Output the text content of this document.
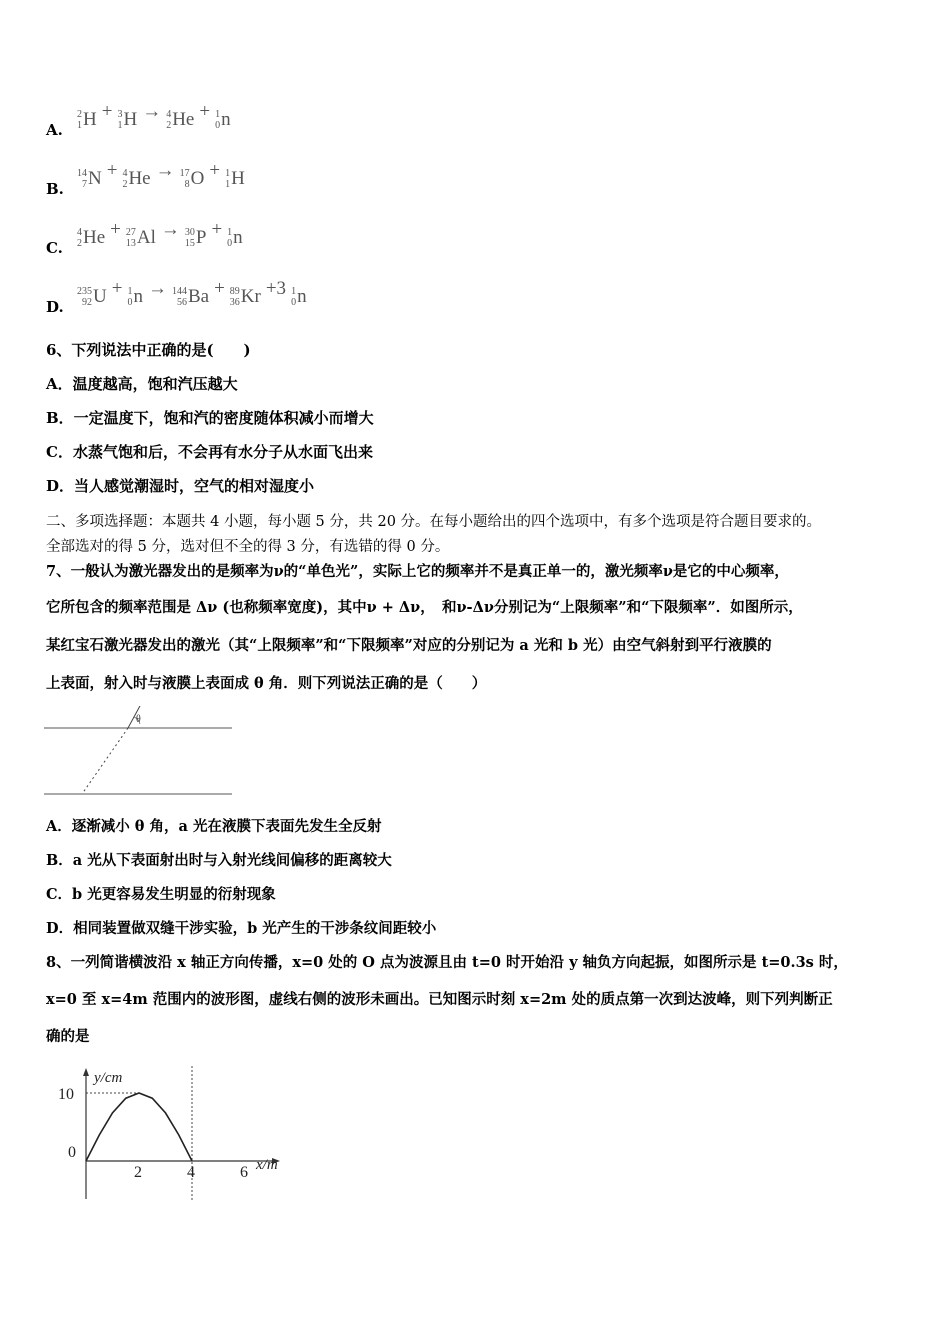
A.
2
1 H + 3
1 H → 4
2 He + 1
0 n
B.
14
7 N + 4
2 He → 17
8 O + 1
1 H
C.
4
2 He + 27
13 Al → 30
15 P + 1
0 n
D.
235
92 U + 1
0 n → 144
56 Ba + 89
36 Kr +3 1
0 n
6、下列说法中正确的是(　　)
A．温度越高，饱和汽压越大
B．一定温度下，饱和汽的密度随体积减小而增大
C．水蒸气饱和后，不会再有水分子从水面飞出来
D．当人感觉潮湿时，空气的相对湿度小
二、多项选择题：本题共 4 小题，每小题 5 分，共 20 分。在每小题给出的四个选项中，有多个选项是符合题目要求的。
全部选对的得 5 分，选对但不全的得 3 分，有选错的得 0 分。
7、一般认为激光器发出的是频率为ν的“单色光”，实际上它的频率并不是真正单一的，激光频率ν是它的中心频率，
它所包含的频率范围是 Δν (也称频率宽度)，其中ν + Δν，　和ν-Δν分别记为“上限频率”和“下限频率”．如图所示，
某红宝石激光器发出的激光（其“上限频率”和“下限频率”对应的分别记为 a 光和 b 光）由空气斜射到平行液膜的
上表面，射入时与液膜上表面成 θ 角．则下列说法正确的是（　　）
θ
A．逐渐减小 θ 角，a 光在液膜下表面先发生全反射
B．a 光从下表面射出时与入射光线间偏移的距离较大
C．b 光更容易发生明显的衍射现象
D．相同装置做双缝干涉实验，b 光产生的干涉条纹间距较小
8、一列简谐横波沿 x 轴正方向传播，x=0 处的 O 点为波源且由 t=0 时开始沿 y 轴负方向起振，如图所示是 t=0.3s 时，
x=0 至 x=4m 范围内的波形图，虚线右侧的波形未画出。已知图示时刻 x=2m 处的质点第一次到达波峰，则下列判断正
确的是
y/cm
x/m
0
2	4	6
10
